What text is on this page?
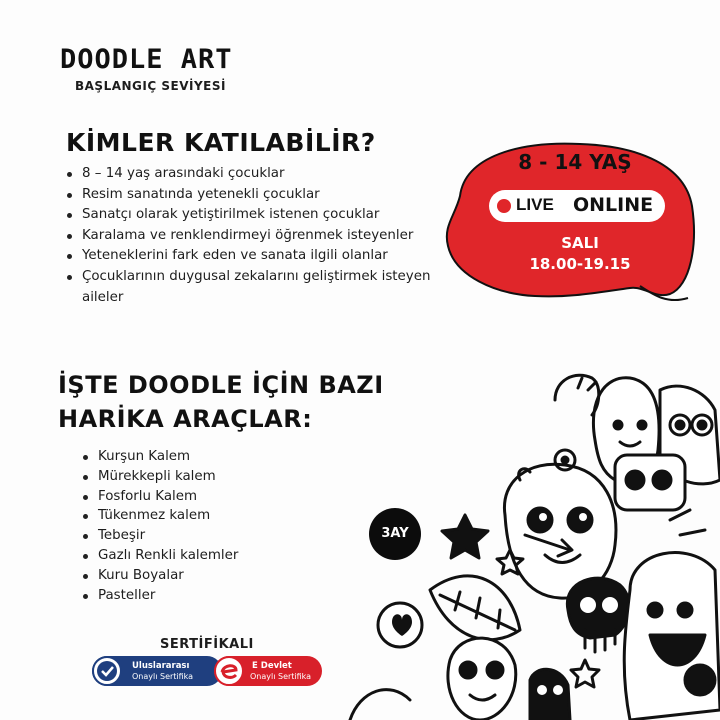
DOODLE ART
BAŞLANGIÇ SEVİYESİ
KİMLER KATILABİLİR?
8 – 14 yaş arasındaki çocuklar
Resim sanatında yetenekli çocuklar
Sanatçı olarak yetiştirilmek istenen çocuklar
Karalama ve renklendirmeyi öğrenmek isteyenler
Yeteneklerini fark eden ve sanata ilgili olanlar
Çocuklarının duygusal zekalarını geliştirmek isteyen aileler
8 - 14 YAŞ
LIVE ONLINE
SALI
18.00-19.15
İŞTE DOODLE İÇİN BAZI
HARİKA ARAÇLAR:
Kurşun Kalem
Mürekkepli kalem
Fosforlu Kalem
Tükenmez kalem
Tebeşir
Gazlı Renkli kalemler
Kuru Boyalar
Pasteller
3AY
SERTİFİKALI
Uluslararası
Onaylı Sertifika
E Devlet
Onaylı Sertifika
